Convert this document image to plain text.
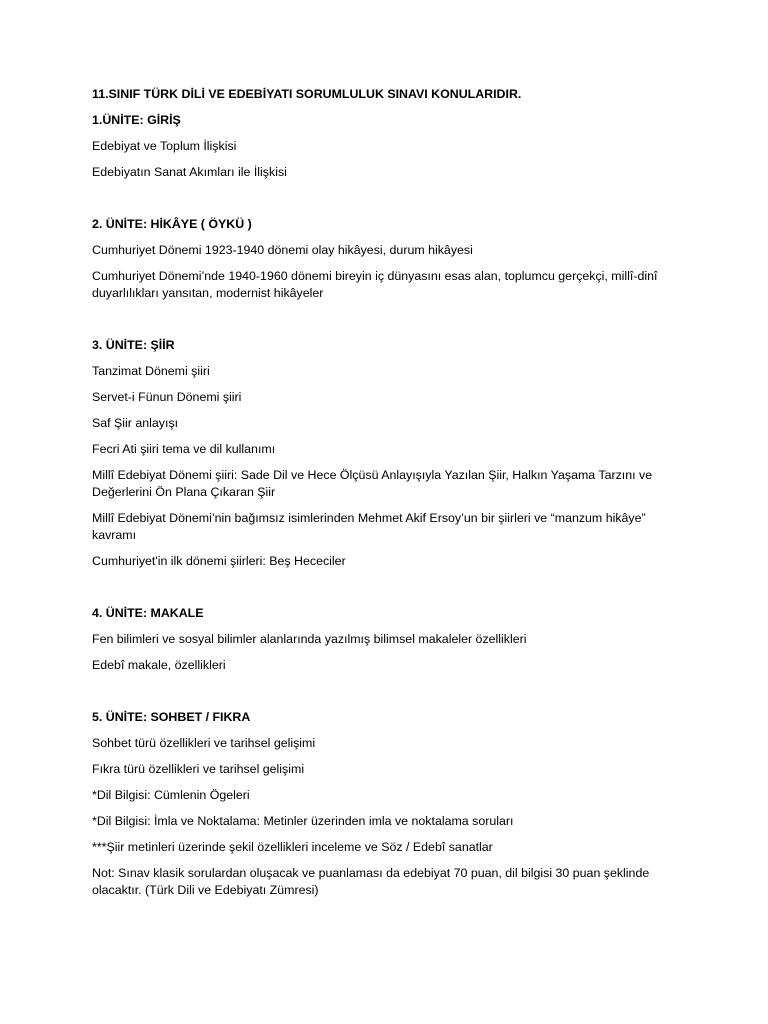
11.SINIF TÜRK DİLİ VE EDEBİYATI SORUMLULUK SINAVI KONULARIDIR.

1.ÜNİTE: GİRİŞ

Edebiyat ve Toplum İlişkisi

Edebiyatın Sanat Akımları ile İlişkisi

2. ÜNİTE: HİKÂYE ( ÖYKÜ )

Cumhuriyet Dönemi 1923-1940 dönemi olay hikâyesi, durum hikâyesi

Cumhuriyet Dönemi’nde 1940-1960 dönemi bireyin iç dünyasını esas alan, toplumcu gerçekçi, millî-dinî duyarlılıkları yansıtan, modernist hikâyeler

3. ÜNİTE: ŞİİR

Tanzimat Dönemi şiiri

Servet-i Fünun Dönemi şiiri

Saf Şiir anlayışı

Fecri Ati şiiri tema ve dil kullanımı

Millî Edebiyat Dönemi şiiri: Sade Dil ve Hece Ölçüsü Anlayışıyla Yazılan Şiir, Halkın Yaşama Tarzını ve Değerlerini Ön Plana Çıkaran Şiir

Millî Edebiyat Dönemi’nin bağımsız isimlerinden Mehmet Akif Ersoy’un bir şiirleri ve “manzum hikâye” kavramı

Cumhuriyet'in ilk dönemi şiirleri: Beş Hececiler

4. ÜNİTE: MAKALE

Fen bilimleri ve sosyal bilimler alanlarında yazılmış bilimsel makaleler özellikleri

Edebî makale, özellikleri

5. ÜNİTE: SOHBET / FIKRA

Sohbet türü özellikleri ve tarihsel gelişimi

Fıkra türü özellikleri ve tarihsel gelişimi

*Dil Bilgisi: Cümlenin Ögeleri

*Dil Bilgisi: İmla ve Noktalama: Metinler üzerinden imla ve noktalama soruları

***Şiir metinleri üzerinde şekil özellikleri inceleme ve Söz / Edebî sanatlar

Not: Sınav klasik sorulardan oluşacak ve puanlaması da edebiyat 70 puan, dil bilgisi 30 puan şeklinde olacaktır. (Türk Dili ve Edebiyatı Zümresi)
